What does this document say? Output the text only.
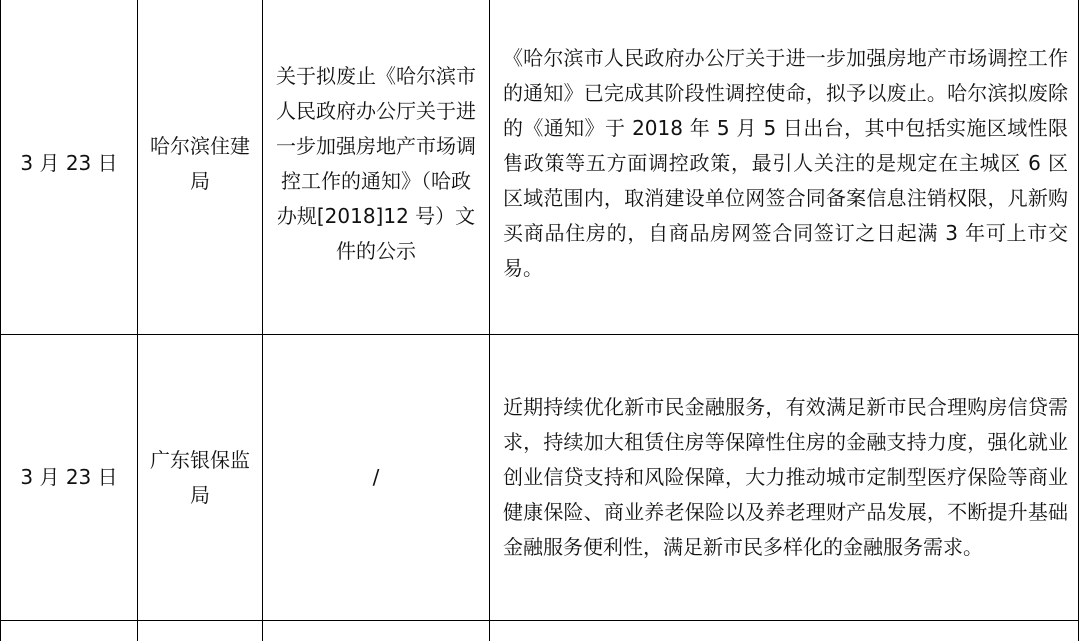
3 月 23 日	哈尔滨住建局	关于拟废止《哈尔滨市人民政府办公厅关于进一步加强房地产市场调控工作的通知》（哈政办规[2018]12 号）文件的公示	《哈尔滨市人民政府办公厅关于进一步加强房地产市场调控工作的通知》已完成其阶段性调控使命，拟予以废止。哈尔滨拟废除的《通知》于 2018 年 5 月 5 日出台，其中包括实施区域性限售政策等五方面调控政策，最引人关注的是规定在主城区 6 区区域范围内，取消建设单位网签合同备案信息注销权限，凡新购买商品住房的，自商品房网签合同签订之日起满 3 年可上市交易。
3 月 23 日	广东银保监局	/	近期持续优化新市民金融服务，有效满足新市民合理购房信贷需求，持续加大租赁住房等保障性住房的金融支持力度，强化就业创业信贷支持和风险保障，大力推动城市定制型医疗保险等商业健康保险、商业养老保险以及养老理财产品发展，不断提升基础金融服务便利性，满足新市民多样化的金融服务需求。
